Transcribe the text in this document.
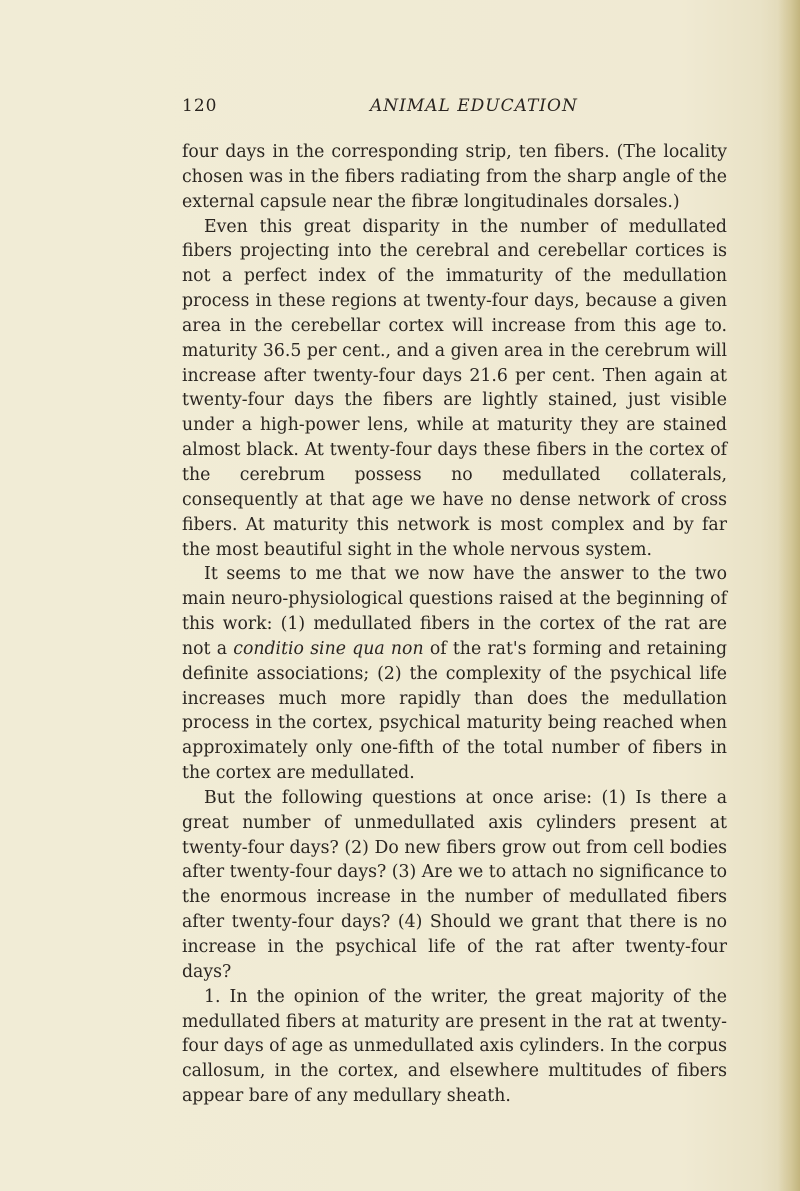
120	ANIMAL EDUCATION

four days in the corresponding strip, ten fibers. (The locality chosen was in the fibers radiating from the sharp angle of the external capsule near the fibræ longitudinales dorsales.)

Even this great disparity in the number of medullated fibers projecting into the cerebral and cerebellar cortices is not a perfect index of the immaturity of the medullation process in these regions at twenty-four days, because a given area in the cerebellar cortex will increase from this age to. maturity 36.5 per cent., and a given area in the cerebrum will increase after twenty-four days 21.6 per cent. Then again at twenty-four days the fibers are lightly stained, just visible under a high-power lens, while at maturity they are stained almost black. At twenty-four days these fibers in the cortex of the cerebrum possess no medullated collaterals, consequently at that age we have no dense network of cross fibers. At maturity this network is most complex and by far the most beautiful sight in the whole nervous system.

It seems to me that we now have the answer to the two main neuro-physiological questions raised at the beginning of this work: (1) medullated fibers in the cortex of the rat are not a conditio sine qua non of the rat's forming and retaining definite associations; (2) the complexity of the psychical life increases much more rapidly than does the medullation process in the cortex, psychical maturity being reached when approximately only one-fifth of the total number of fibers in the cortex are medullated.

But the following questions at once arise: (1) Is there a great number of unmedullated axis cylinders present at twenty-four days? (2) Do new fibers grow out from cell bodies after twenty-four days? (3) Are we to attach no significance to the enormous increase in the number of medullated fibers after twenty-four days? (4) Should we grant that there is no increase in the psychical life of the rat after twenty-four days?

1. In the opinion of the writer, the great majority of the medullated fibers at maturity are present in the rat at twenty-four days of age as unmedullated axis cylinders. In the corpus callosum, in the cortex, and elsewhere multitudes of fibers appear bare of any medullary sheath.
